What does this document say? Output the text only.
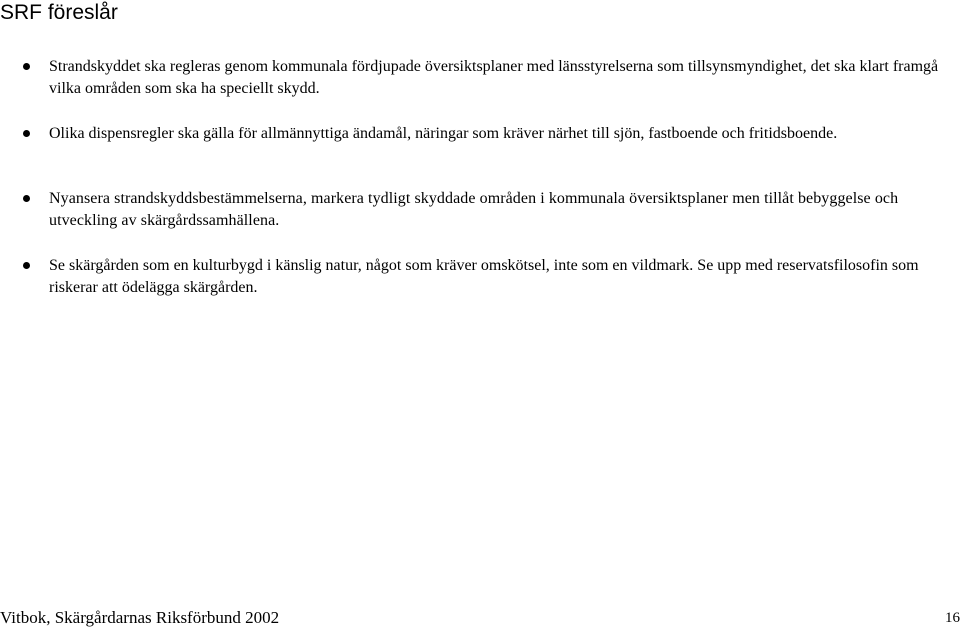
SRF föreslår

Strandskyddet ska regleras genom kommunala fördjupade översiktsplaner med länsstyrelserna som tillsynsmyndighet, det ska klart framgå vilka områden som ska ha speciellt skydd.

Olika dispensregler ska gälla för allmännyttiga ändamål, näringar som kräver närhet till sjön, fastboende och fritidsboende.

Nyansera strandskyddsbestämmelserna, markera tydligt skyddade områden i kommunala översiktsplaner men tillåt bebyggelse och utveckling av skärgårdssamhällena.

Se skärgården som en kulturbygd i känslig natur, något som kräver omskötsel, inte som en vildmark. Se upp med reservatsfilosofin som riskerar att ödelägga skärgården.

Vitbok, Skärgårdarnas Riksförbund 2002	16
